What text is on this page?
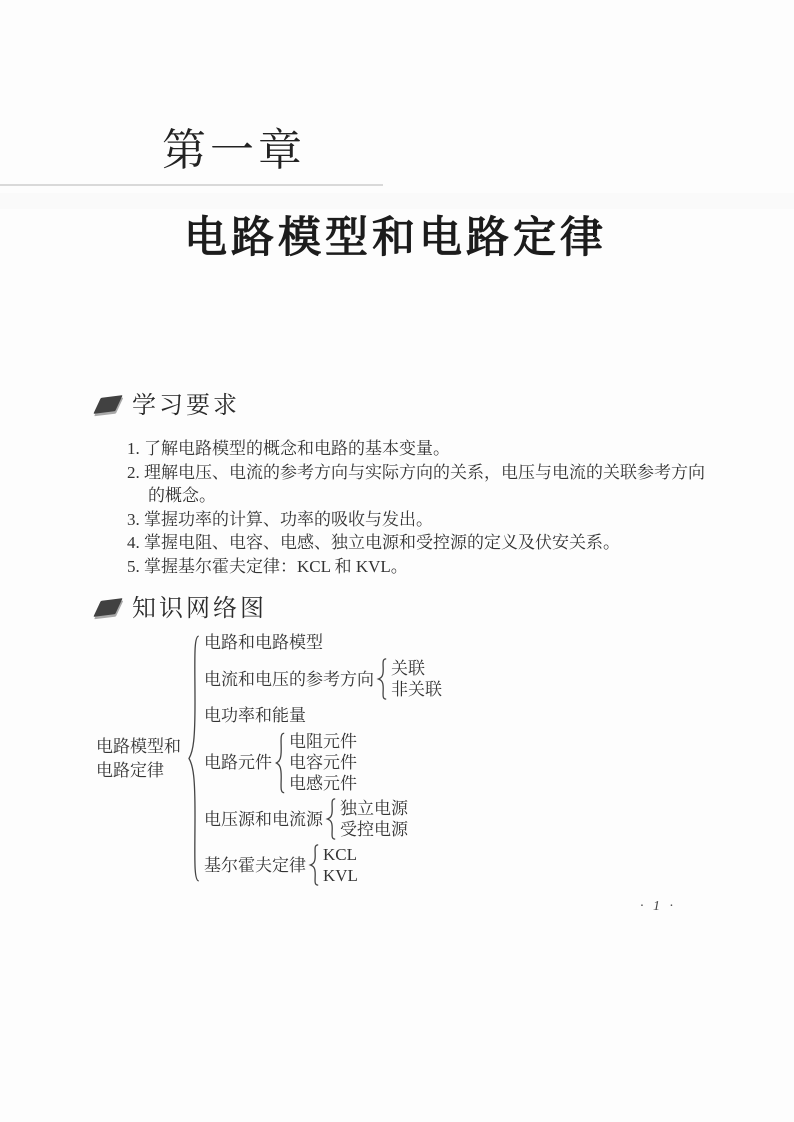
第一章
电路模型和电路定律
学习要求
1. 了解电路模型的概念和电路的基本变量。
2. 理解电压、电流的参考方向与实际方向的关系，电压与电流的关联参考方向的概念。
3. 掌握功率的计算、功率的吸收与发出。
4. 掌握电阻、电容、电感、独立电源和受控源的定义及伏安关系。
5. 掌握基尔霍夫定律：KCL 和 KVL。
知识网络图
电路模型和
电路定律
电路和电路模型
电流和电压的参考方向
关联
非关联
电功率和能量
电路元件
电阻元件
电容元件
电感元件
电压源和电流源
独立电源
受控电源
基尔霍夫定律
KCL
KVL
· 1 ·
